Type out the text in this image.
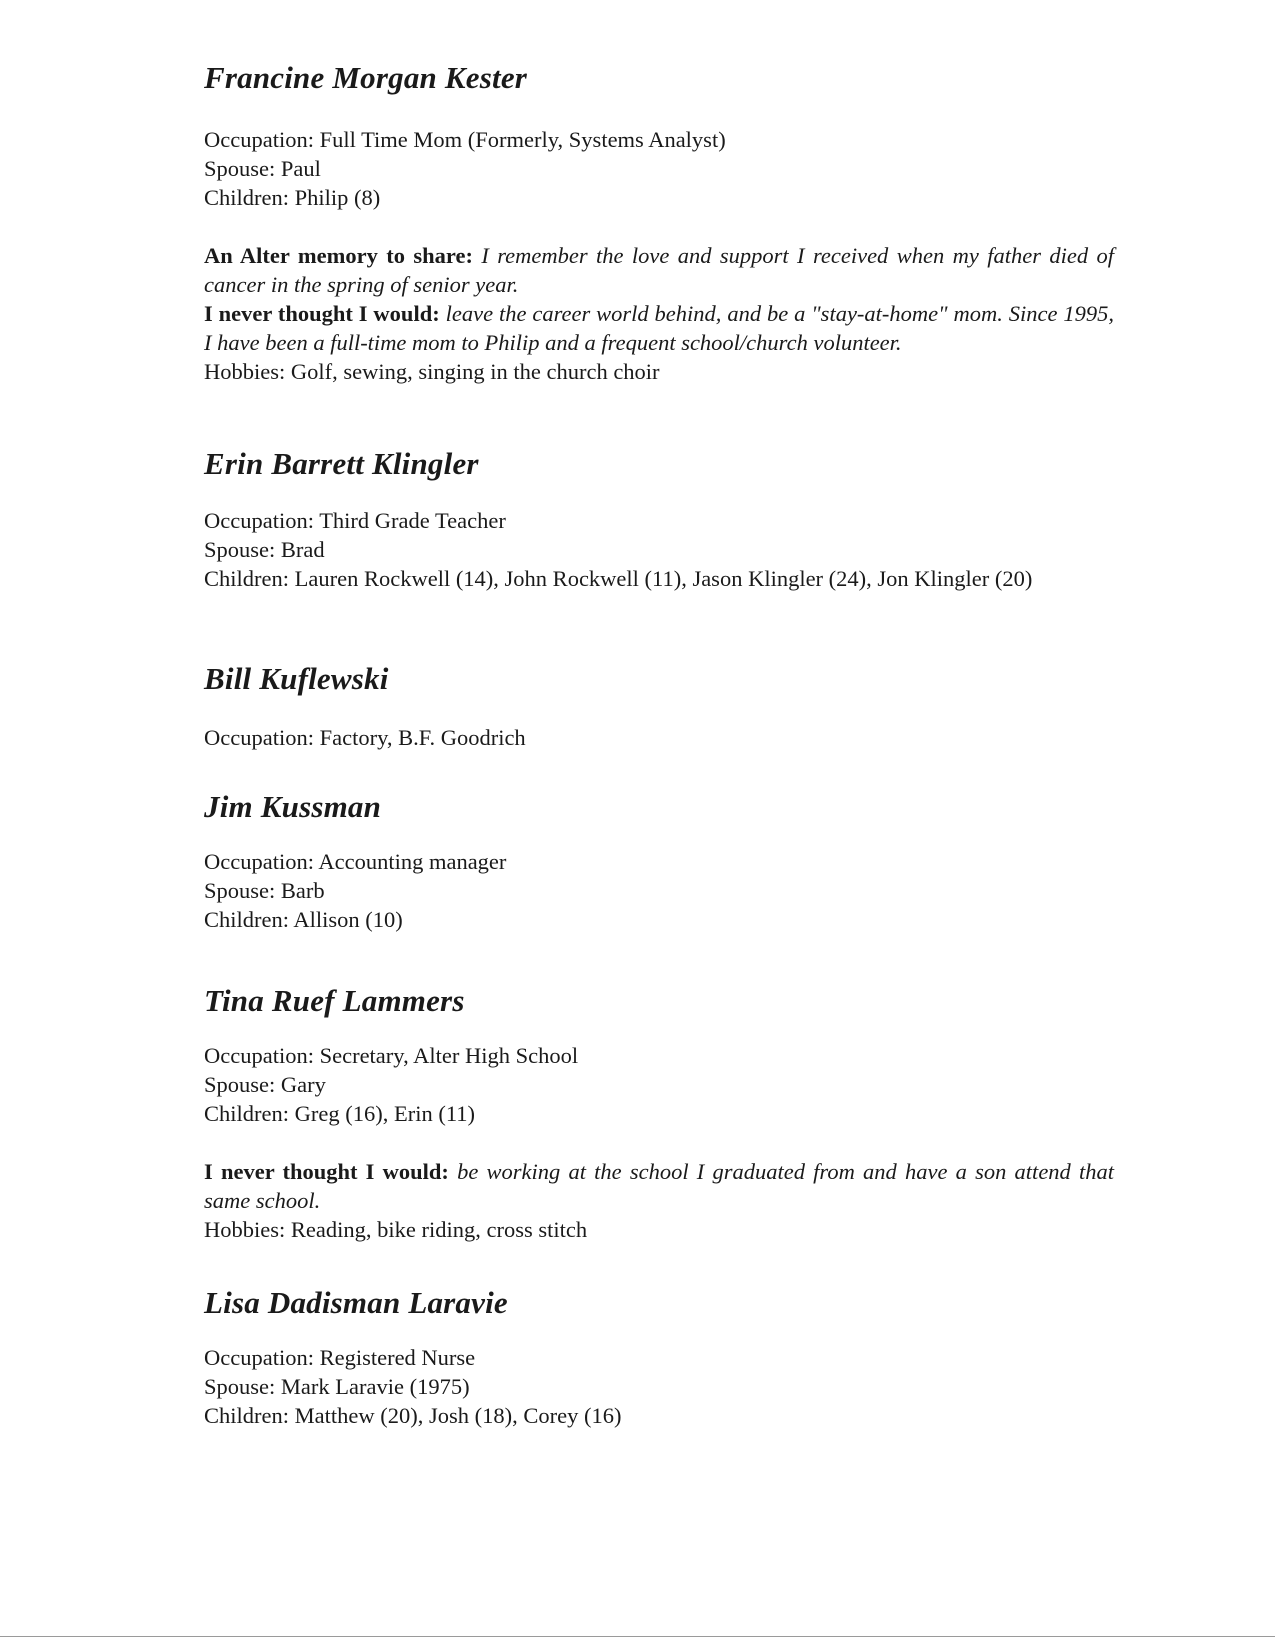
Francine Morgan Kester

Occupation: Full Time Mom (Formerly, Systems Analyst)

Spouse: Paul

Children: Philip (8)

An Alter memory to share: I remember the love and support I received when my father died of cancer in the spring of senior year.

I never thought I would: leave the career world behind, and be a "stay-at-home" mom. Since 1995, I have been a full-time mom to Philip and a frequent school/church volunteer.

Hobbies: Golf, sewing, singing in the church choir

Erin Barrett Klingler

Occupation: Third Grade Teacher

Spouse: Brad

Children: Lauren Rockwell (14), John Rockwell (11), Jason Klingler (24), Jon Klingler (20)

Bill Kuflewski

Occupation: Factory, B.F. Goodrich

Jim Kussman

Occupation: Accounting manager

Spouse: Barb

Children: Allison (10)

Tina Ruef Lammers

Occupation: Secretary, Alter High School

Spouse: Gary

Children: Greg (16), Erin (11)

I never thought I would: be working at the school I graduated from and have a son attend that same school.

Hobbies: Reading, bike riding, cross stitch

Lisa Dadisman Laravie

Occupation: Registered Nurse

Spouse: Mark Laravie (1975)

Children: Matthew (20), Josh (18), Corey (16)
